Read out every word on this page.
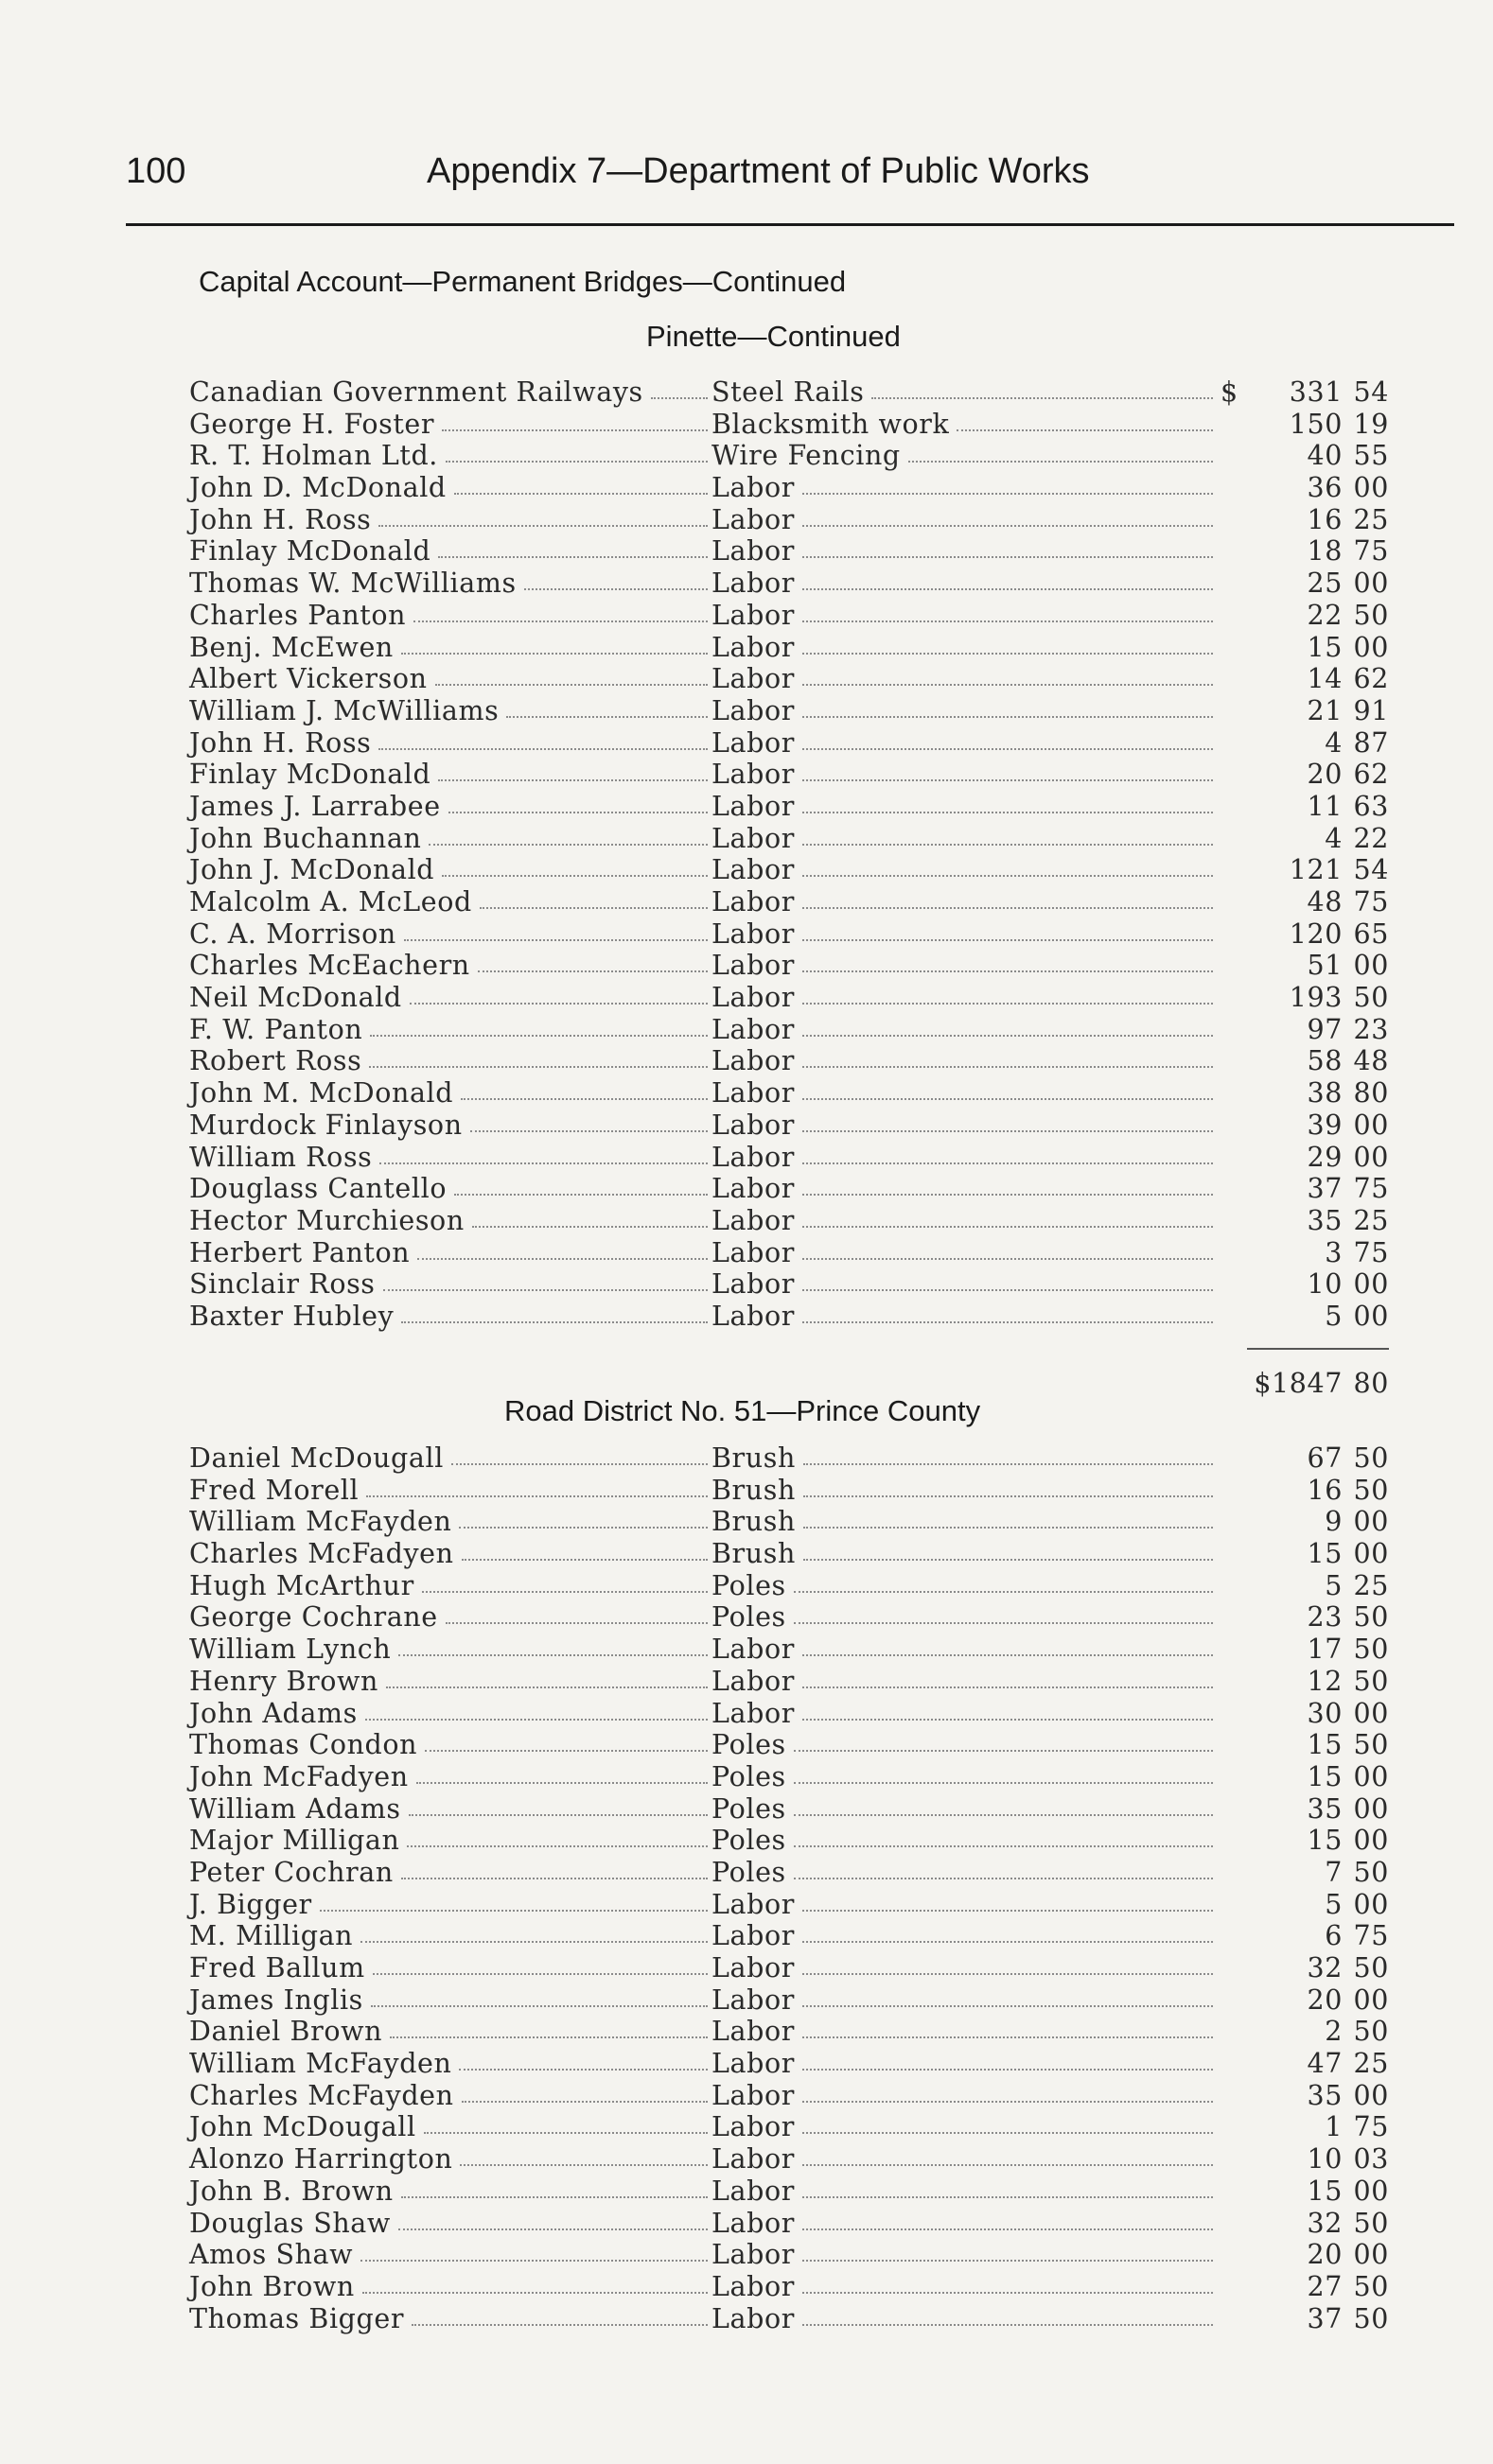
100	Appendix 7—Department of Public Works
Capital Account—Permanent Bridges—Continued
Pinette—Continued
Canadian Government Railways	Steel Rails	$	331 54
George H. Foster	Blacksmith work	150 19
R. T. Holman Ltd.	Wire Fencing	40 55
John D. McDonald	Labor	36 00
John H. Ross	Labor	16 25
Finlay McDonald	Labor	18 75
Thomas W. McWilliams	Labor	25 00
Charles Panton	Labor	22 50
Benj. McEwen	Labor	15 00
Albert Vickerson	Labor	14 62
William J. McWilliams	Labor	21 91
John H. Ross	Labor	4 87
Finlay McDonald	Labor	20 62
James J. Larrabee	Labor	11 63
John Buchannan	Labor	4 22
John J. McDonald	Labor	121 54
Malcolm A. McLeod	Labor	48 75
C. A. Morrison	Labor	120 65
Charles McEachern	Labor	51 00
Neil McDonald	Labor	193 50
F. W. Panton	Labor	97 23
Robert Ross	Labor	58 48
John M. McDonald	Labor	38 80
Murdock Finlayson	Labor	39 00
William Ross	Labor	29 00
Douglass Cantello	Labor	37 75
Hector Murchieson	Labor	35 25
Herbert Panton	Labor	3 75
Sinclair Ross	Labor	10 00
Baxter Hubley	Labor	5 00
$1847 80
Road District No. 51—Prince County
Daniel McDougall	Brush	67 50
Fred Morell	Brush	16 50
William McFayden	Brush	9 00
Charles McFadyen	Brush	15 00
Hugh McArthur	Poles	5 25
George Cochrane	Poles	23 50
William Lynch	Labor	17 50
Henry Brown	Labor	12 50
John Adams	Labor	30 00
Thomas Condon	Poles	15 50
John McFadyen	Poles	15 00
William Adams	Poles	35 00
Major Milligan	Poles	15 00
Peter Cochran	Poles	7 50
J. Bigger	Labor	5 00
M. Milligan	Labor	6 75
Fred Ballum	Labor	32 50
James Inglis	Labor	20 00
Daniel Brown	Labor	2 50
William McFayden	Labor	47 25
Charles McFayden	Labor	35 00
John McDougall	Labor	1 75
Alonzo Harrington	Labor	10 03
John B. Brown	Labor	15 00
Douglas Shaw	Labor	32 50
Amos Shaw	Labor	20 00
John Brown	Labor	27 50
Thomas Bigger	Labor	37 50
